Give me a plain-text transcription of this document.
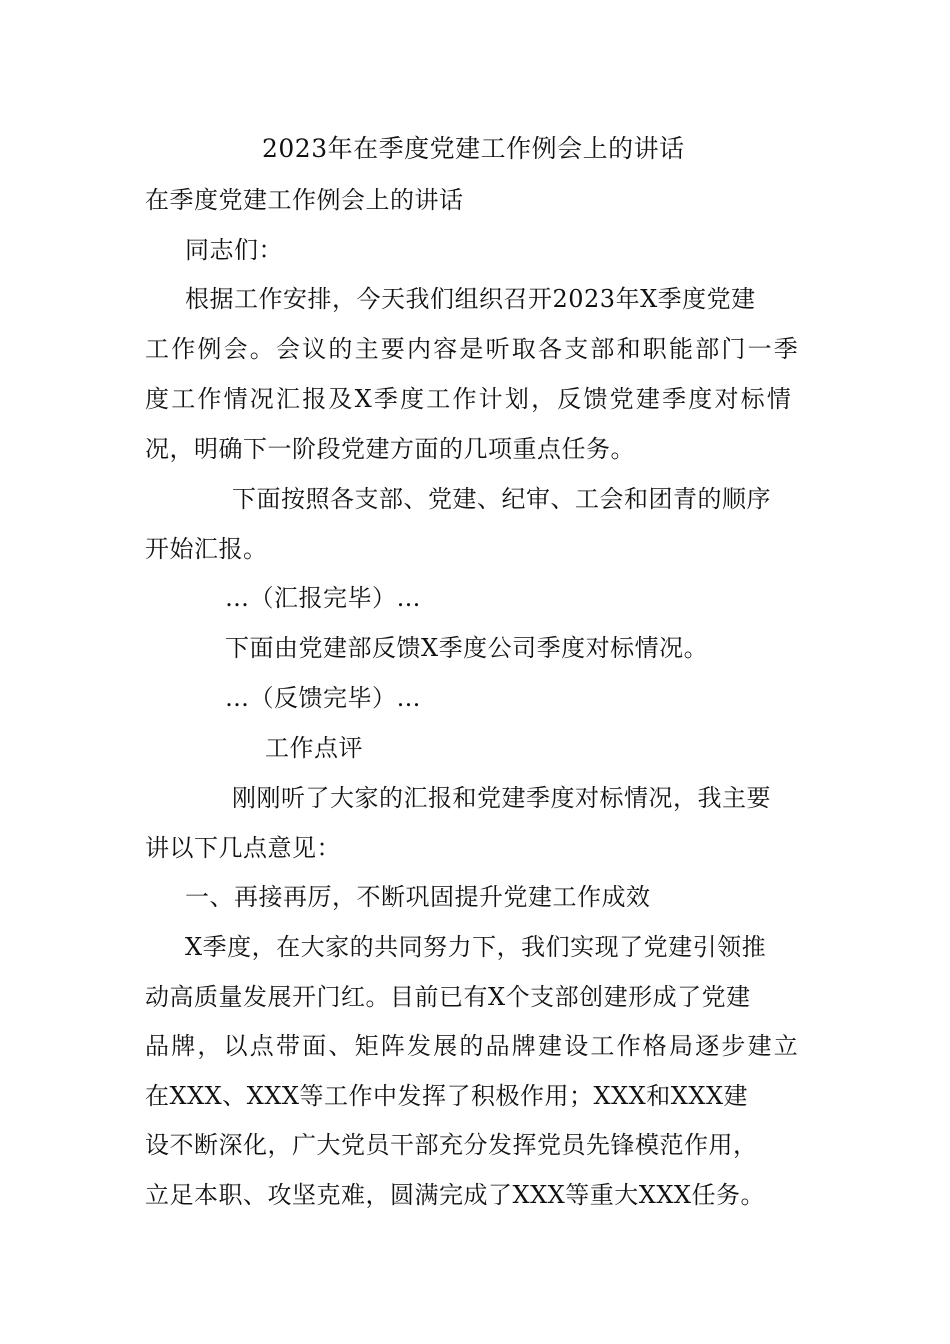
2023年在季度党建工作例会上的讲话
在季度党建工作例会上的讲话
同志们：
根据工作安排，今天我们组织召开2023年X季度党建
工作例会。会议的主要内容是听取各支部和职能部门一季
度工作情况汇报及X季度工作计划，反馈党建季度对标情
况，明确下一阶段党建方面的几项重点任务。
下面按照各支部、党建、纪审、工会和团青的顺序
开始汇报。
…（汇报完毕）…
下面由党建部反馈X季度公司季度对标情况。
…（反馈完毕）…
工作点评
刚刚听了大家的汇报和党建季度对标情况，我主要
讲以下几点意见：
一、再接再厉，不断巩固提升党建工作成效
X季度，在大家的共同努力下，我们实现了党建引领推
动高质量发展开门红。目前已有X个支部创建形成了党建
品牌，以点带面、矩阵发展的品牌建设工作格局逐步建立
在XXX、XXX等工作中发挥了积极作用；XXX和XXX建
设不断深化，广大党员干部充分发挥党员先锋模范作用，
立足本职、攻坚克难，圆满完成了XXX等重大XXX任务。
